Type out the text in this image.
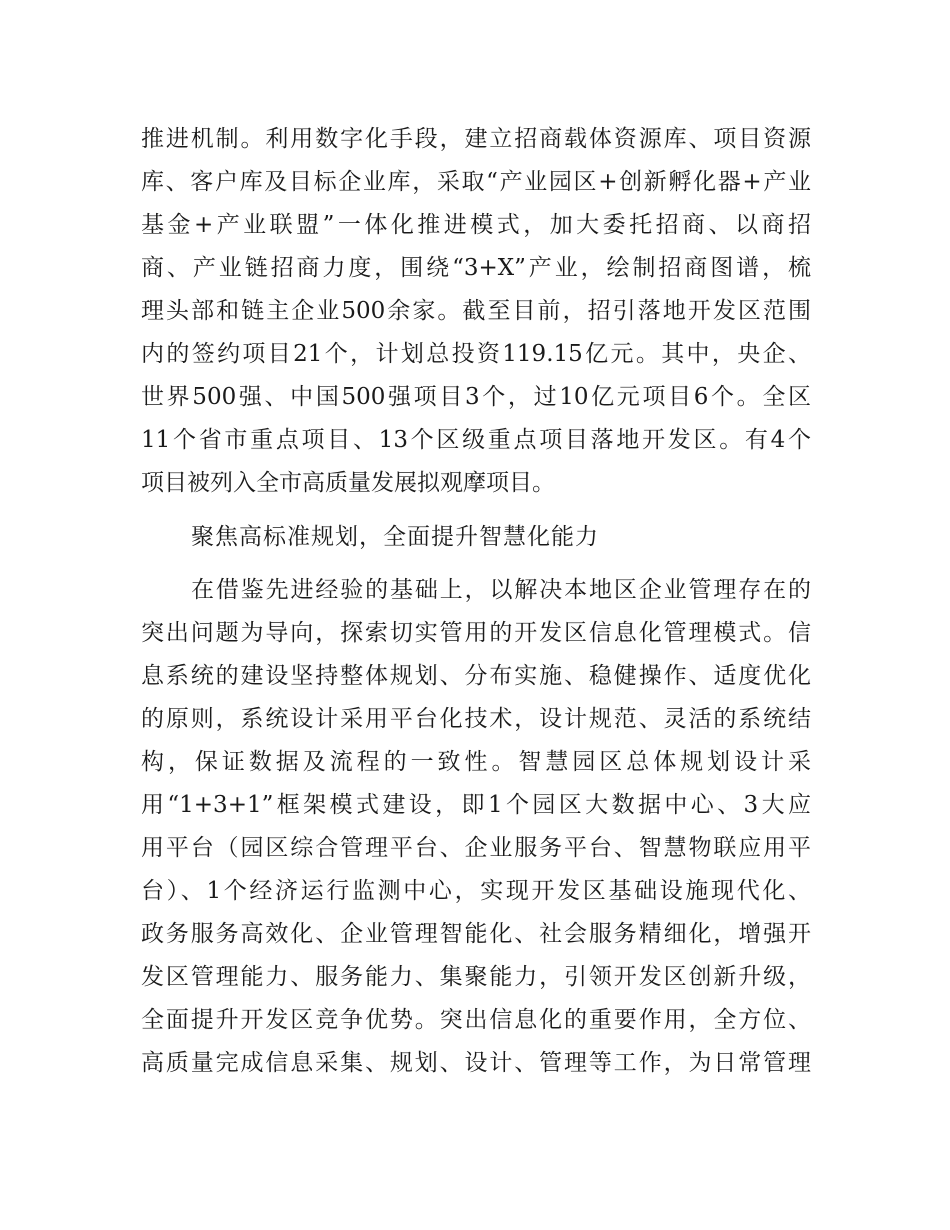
推进机制。利用数字化手段，建立招商载体资源库、项目资源
库、客户库及目标企业库，采取“产业园区+创新孵化器+产业
基金+产业联盟”一体化推进模式，加大委托招商、以商招
商、产业链招商力度，围绕“3+X”产业，绘制招商图谱，梳
理头部和链主企业500余家。截至目前，招引落地开发区范围
内的签约项目21个，计划总投资119.15亿元。其中，央企、
世界500强、中国500强项目3个，过10亿元项目6个。全区
11个省市重点项目、13个区级重点项目落地开发区。有4个
项目被列入全市高质量发展拟观摩项目。
聚焦高标准规划，全面提升智慧化能力
在借鉴先进经验的基础上，以解决本地区企业管理存在的
突出问题为导向，探索切实管用的开发区信息化管理模式。信
息系统的建设坚持整体规划、分布实施、稳健操作、适度优化
的原则，系统设计采用平台化技术，设计规范、灵活的系统结
构，保证数据及流程的一致性。智慧园区总体规划设计采
用“1+3+1”框架模式建设，即1个园区大数据中心、3大应
用平台（园区综合管理平台、企业服务平台、智慧物联应用平
台）、1个经济运行监测中心，实现开发区基础设施现代化、
政务服务高效化、企业管理智能化、社会服务精细化，增强开
发区管理能力、服务能力、集聚能力，引领开发区创新升级，
全面提升开发区竞争优势。突出信息化的重要作用，全方位、
高质量完成信息采集、规划、设计、管理等工作，为日常管理
